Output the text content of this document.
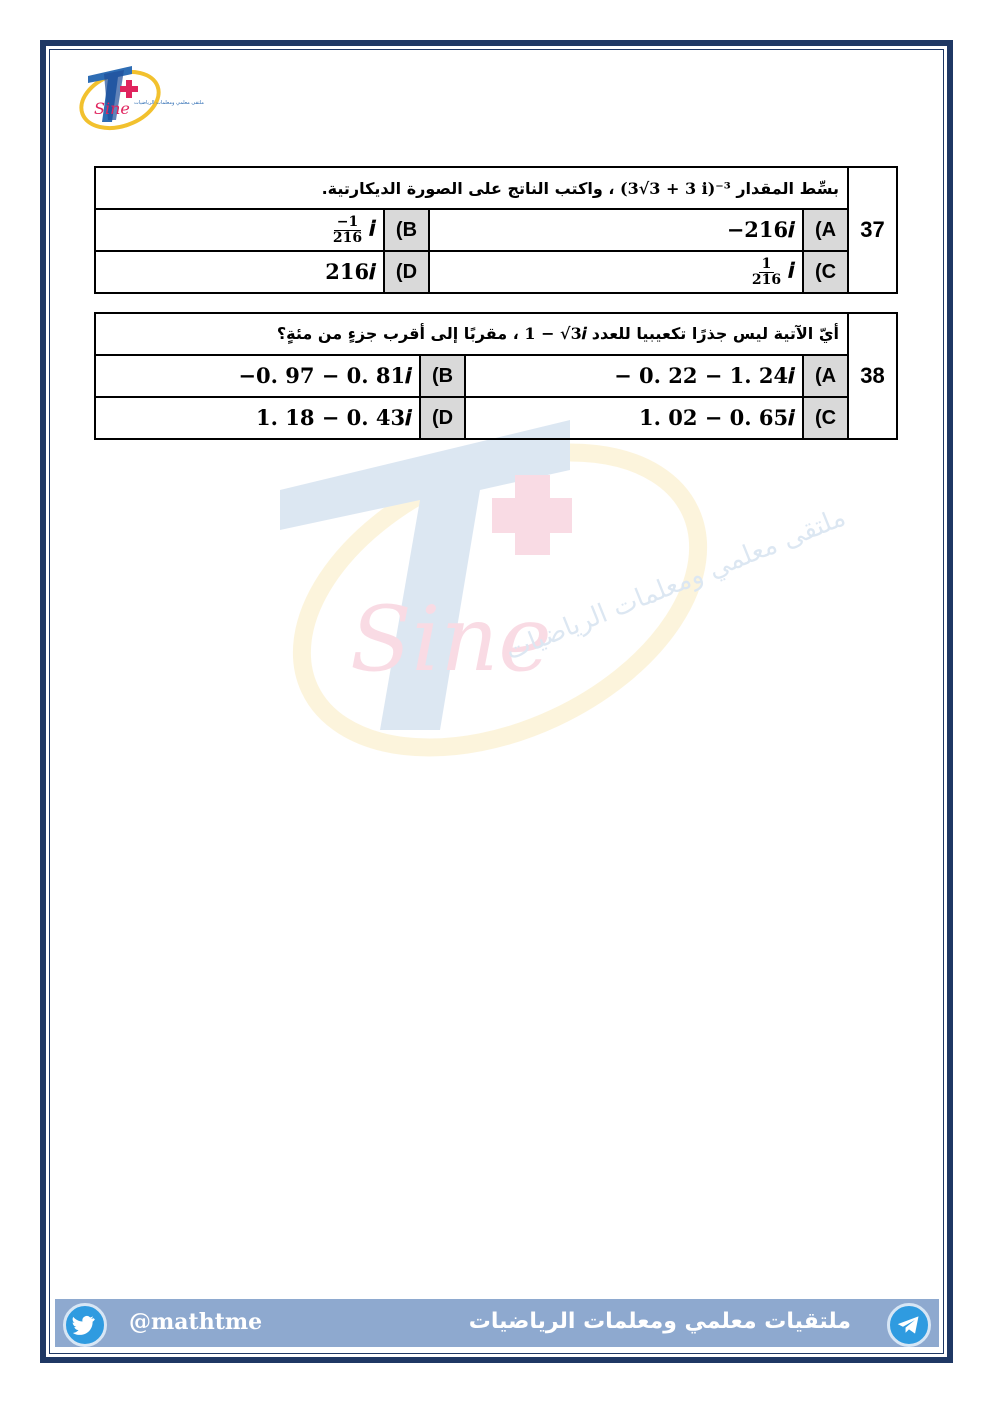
Sine ملتقى معلمي ومعلمات الرياضيات
Sine
ملتقى معلمي ومعلمات الرياضيات
37	بسِّط المقدار (3√3 + 3 i)⁻³ ، واكتب الناتج على الصورة الديكارتية.			
	A)	−216𝒊	B)	$\frac{-1}{216}$ 𝒊
	C)	$\frac{1}{216}$ 𝒊	D)	216𝒊
38	أيّ الآتية ليس جذرًا تكعيبيا للعدد 1 − √3𝒊 ، مقربًا إلى أقرب جزءٍ من مئةٍ؟			
	A)	− 0. 22 − 1. 24𝒊	B)	−0. 97 − 0. 81𝒊
	C)	1. 02 − 0. 65𝒊	D)	1. 18 − 0. 43𝒊
@mathtme	ملتقيات معلمي ومعلمات الرياضيات
